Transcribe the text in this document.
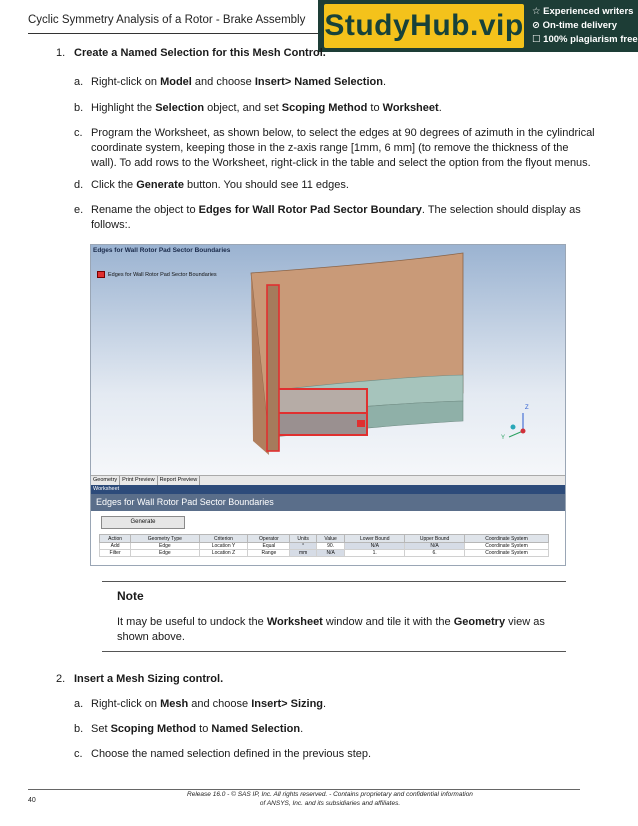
Cyclic Symmetry Analysis of a Rotor - Brake Assembly StudyHub.vip ☆ Experienced writers
⊘ On-time delivery
☐ 100% plagiarism free
1. Create a Named Selection for this Mesh Control.
a. Right-click on Model and choose Insert> Named Selection.
b. Highlight the Selection object, and set Scoping Method to Worksheet.
c. Program the Worksheet, as shown below, to select the edges at 90 degrees of azimuth in the cylindrical coordinate system, keeping those in the z-axis range [1mm, 6 mm] (to remove the thickness of the wall). To add rows to the Worksheet, right-click in the table and select the option from the flyout menus.
d. Click the Generate button. You should see 11 edges.
e. Rename the object to Edges for Wall Rotor Pad Sector Boundary. The selection should display as follows:.
Edges for Wall Rotor Pad Sector Boundaries
Edges for Wall Rotor Pad Sector Boundaries
Z
Y
Geometry Print Preview Report Preview
Worksheet
Edges for Wall Rotor Pad Sector Boundaries
Generate
Action	Geometry Type	Criterion	Operator	Units	Value	Lower Bound	Upper Bound	Coordinate System
Add	Edge	Location Y	Equal	°	90.	N/A	N/A	Coordinate System
Filter	Edge	Location Z	Range	mm	N/A	1.	6.	Coordinate System
Note
It may be useful to undock the Worksheet window and tile it with the Geometry view as shown above.
2. Insert a Mesh Sizing control.
a. Right-click on Mesh and choose Insert> Sizing.
b. Set Scoping Method to Named Selection.
c. Choose the named selection defined in the previous step.
Release 16.0 - © SAS IP, Inc. All rights reserved. - Contains proprietary and confidential information
of ANSYS, Inc. and its subsidiaries and affiliates.
40
